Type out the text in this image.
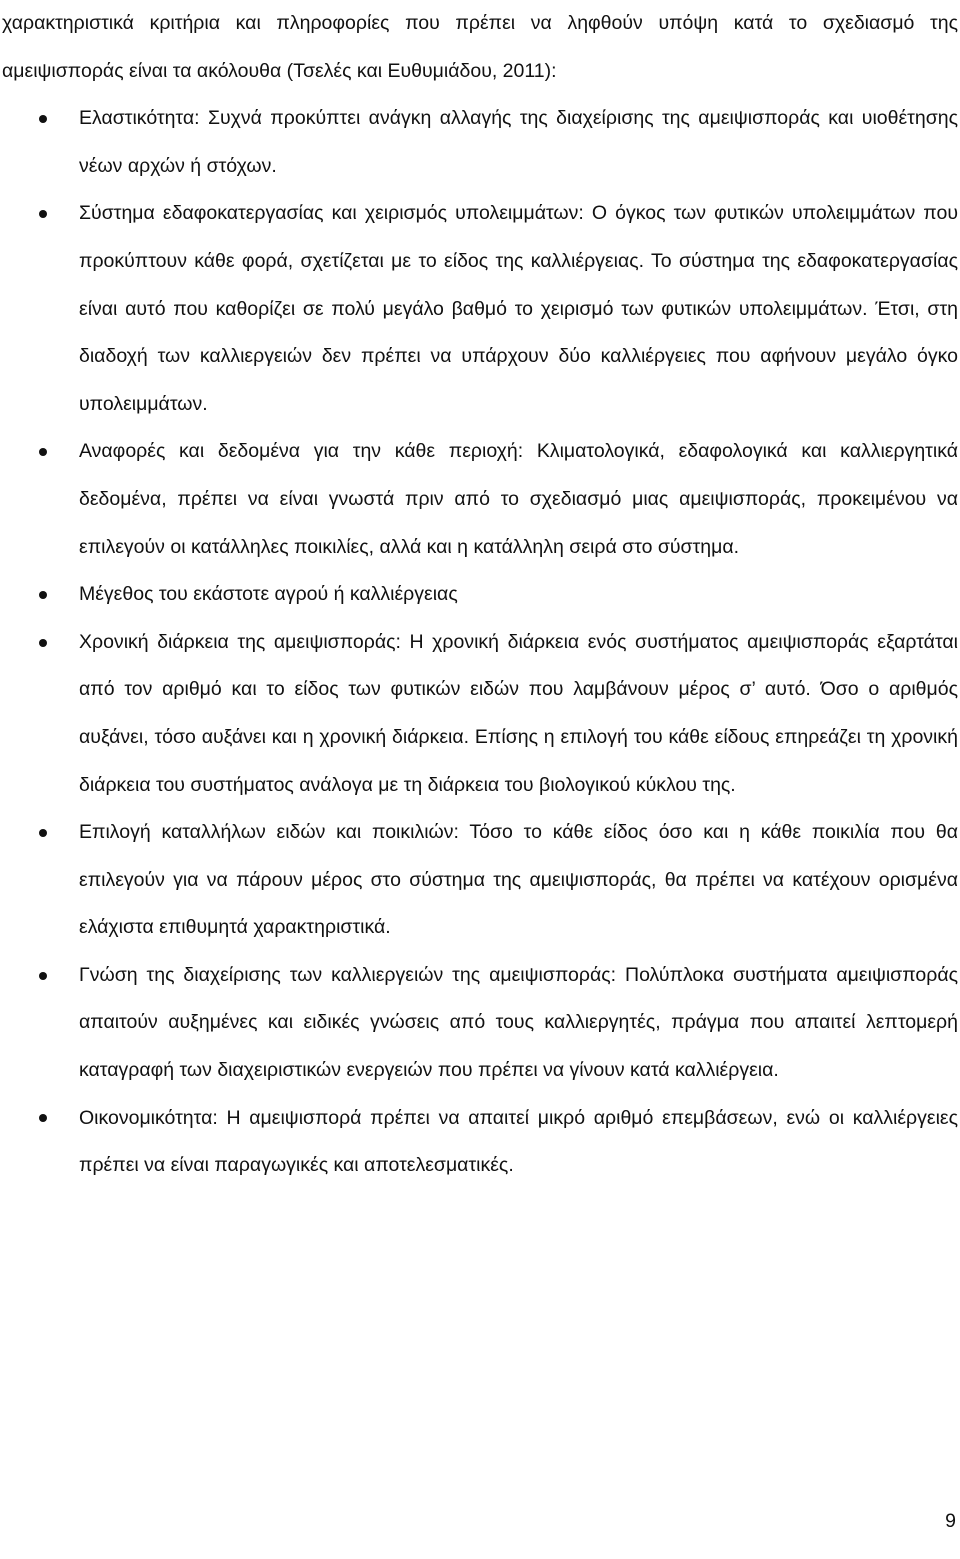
χαρακτηριστικά κριτήρια και πληροφορίες που πρέπει να ληφθούν υπόψη κατά το σχεδιασμό της αμειψισποράς είναι τα ακόλουθα (Τσελές και Ευθυμιάδου, 2011):

Ελαστικότητα: Συχνά προκύπτει ανάγκη αλλαγής της διαχείρισης της αμειψισποράς και υιοθέτησης νέων αρχών ή στόχων.
Σύστημα εδαφοκατεργασίας και χειρισμός υπολειμμάτων: Ο όγκος των φυτικών υπολειμμάτων που προκύπτουν κάθε φορά, σχετίζεται με το είδος της καλλιέργειας. Το σύστημα της εδαφοκατεργασίας είναι αυτό που καθορίζει σε πολύ μεγάλο βαθμό το χειρισμό των φυτικών υπολειμμάτων. Έτσι, στη διαδοχή των καλλιεργειών δεν πρέπει να υπάρχουν δύο καλλιέργειες που αφήνουν μεγάλο όγκο υπολειμμάτων.
Αναφορές και δεδομένα για την κάθε περιοχή: Κλιματολογικά, εδαφολογικά και καλλιεργητικά δεδομένα, πρέπει να είναι γνωστά πριν από το σχεδιασμό μιας αμειψισποράς, προκειμένου να επιλεγούν οι κατάλληλες ποικιλίες, αλλά και η κατάλληλη σειρά στο σύστημα.
Μέγεθος του εκάστοτε αγρού ή καλλιέργειας
Χρονική διάρκεια της αμειψισποράς: Η χρονική διάρκεια ενός συστήματος αμειψισποράς εξαρτάται από τον αριθμό και το είδος των φυτικών ειδών που λαμβάνουν μέρος σ’ αυτό. Όσο ο αριθμός αυξάνει, τόσο αυξάνει και η χρονική διάρκεια. Επίσης η επιλογή του κάθε είδους επηρεάζει τη χρονική διάρκεια του συστήματος ανάλογα με τη διάρκεια του βιολογικού κύκλου της.
Επιλογή καταλλήλων ειδών και ποικιλιών: Τόσο το κάθε είδος όσο και η κάθε ποικιλία που θα επιλεγούν για να πάρουν μέρος στο σύστημα της αμειψισποράς, θα πρέπει να κατέχουν ορισμένα ελάχιστα επιθυμητά χαρακτηριστικά.
Γνώση της διαχείρισης των καλλιεργειών της αμειψισποράς: Πολύπλοκα συστήματα αμειψισποράς απαιτούν αυξημένες και ειδικές γνώσεις από τους καλλιεργητές, πράγμα που απαιτεί λεπτομερή καταγραφή των διαχειριστικών ενεργειών που πρέπει να γίνουν κατά καλλιέργεια.
Οικονομικότητα: Η αμειψισπορά πρέπει να απαιτεί μικρό αριθμό επεμβάσεων, ενώ οι καλλιέργειες πρέπει να είναι παραγωγικές και αποτελεσματικές.
9
